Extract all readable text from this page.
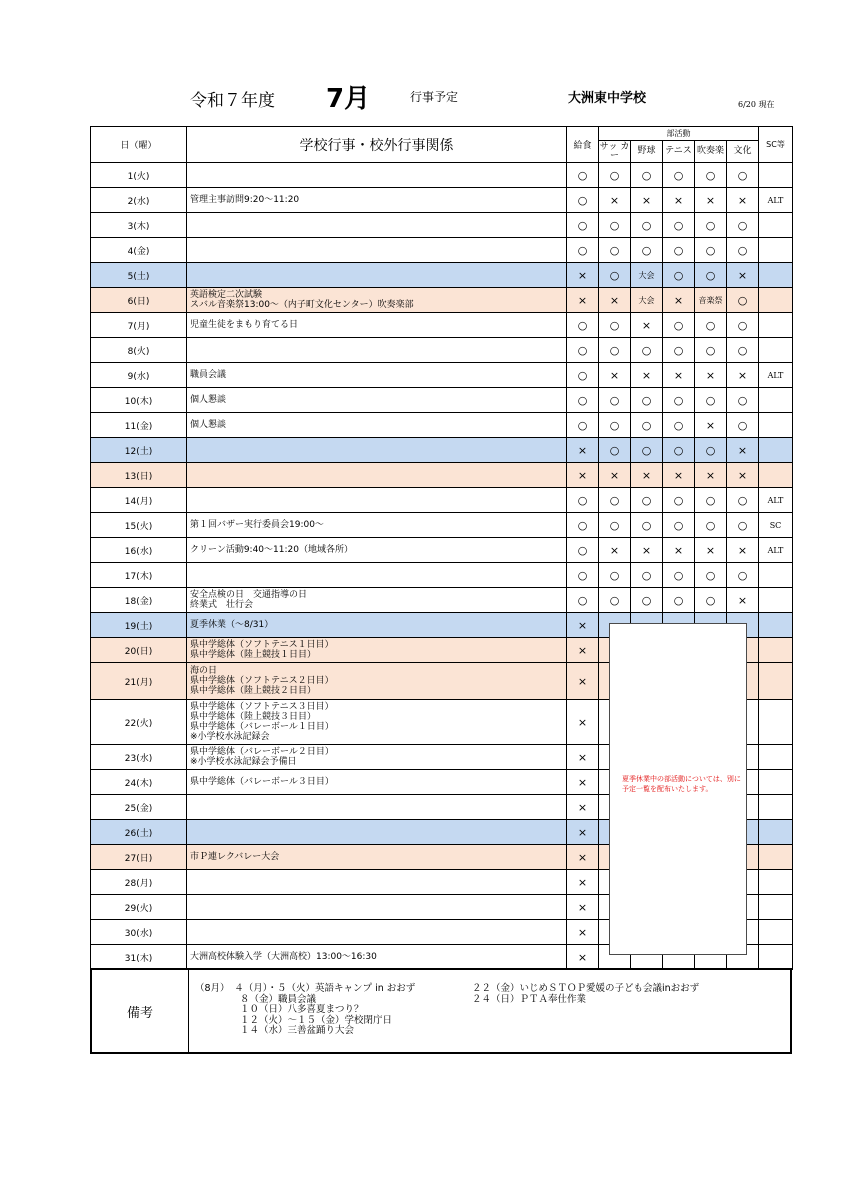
令和７年度 7月	行事予定	大洲東中学校	6/20 現在
日（曜）	学校行事・校外行事関係	給食	部活動					SC等
			サッ カー	野球	テニス	吹奏楽	文化	
1(火)		○	○	○	○	○	○	
2(水)	管理主事訪問9:20～11:20	○	×	×	×	×	×	ALT
3(木)		○	○	○	○	○	○	
4(金)		○	○	○	○	○	○	
5(土)		×	○	大会	○	○	×	
6(日)	英語検定二次試験
スバル音楽祭13:00～（内子町文化センター）吹奏楽部	×	×	大会	×	音楽祭	○	
7(月)	児童生徒をまもり育てる日	○	○	×	○	○	○	
8(火)		○	○	○	○	○	○	
9(水)	職員会議	○	×	×	×	×	×	ALT
10(木)	個人懇談	○	○	○	○	○	○	
11(金)	個人懇談	○	○	○	○	×	○	
12(土)		×	○	○	○	○	×	
13(日)		×	×	×	×	×	×	
14(月)		○	○	○	○	○	○	ALT
15(火)	第１回バザー実行委員会19:00～	○	○	○	○	○	○	SC
16(水)	クリーン活動9:40～11:20（地域各所）	○	×	×	×	×	×	ALT
17(木)		○	○	○	○	○	○	
18(金)	安全点検の日　交通指導の日
終業式　壮行会	○	○	○	○	○	×	
19(土)	夏季休業（～8/31）	×						
20(日)	県中学総体（ソフトテニス１日目）
県中学総体（陸上競技１日目）	×						
21(月)	海の日
県中学総体（ソフトテニス２日目）
県中学総体（陸上競技２日目）	×						
22(火)	県中学総体（ソフトテニス３日目）
県中学総体（陸上競技３日目）
県中学総体（バレーボール１日目）
※小学校水泳記録会	×						
23(水)	県中学総体（バレーボール２日目）
※小学校水泳記録会予備日	×						
24(木)	県中学総体（バレーボール３日目）	×						
25(金)		×						
26(土)		×						
27(日)	市Ｐ連レクバレー大会	×						
28(月)		×						
29(火)		×						
30(水)		×						
31(木)	大洲高校体験入学（大洲高校）13:00～16:30	×						
夏季休業中の部活動については、別に予定一覧を配布いたします。
備考
（8月）　４（月）・５（火）英語キャンプ in おおず
８（金）職員会議
１０（日）八多喜夏まつり？
１２（火）～１５（金）学校閉庁日
１４（水）三善盆踊り大会
２２（金）いじめＳＴＯＰ愛媛の子ども会議inおおず
２４（日）ＰＴＡ奉仕作業
